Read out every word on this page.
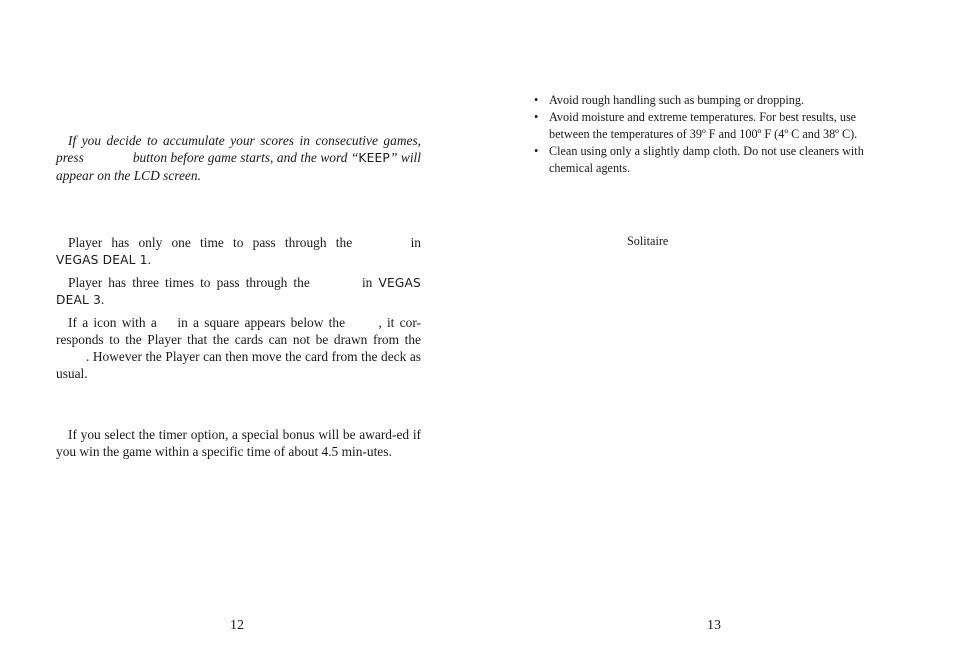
If you decide to accumulate your scores in consecutive games, press	button before game starts, and the word “KEEP” will appear on the LCD screen.

Player has only one time to pass through the	in

VEGAS DEAL 1.

Player has three times to pass through the	in VEGAS

DEAL 3.

If a icon with a in a square appears below the , it cor-responds to the Player that the cards can not be drawn from the . However the Player can then move the card from the deck as usual.

If you select the timer option, a special bonus will be award-ed if you win the game within a specific time of about 4.5 min-utes.

12
• Avoid rough handling such as bumping or dropping.
• Avoid moisture and extreme temperatures. For best results, use between the temperatures of 39º F and 100º F (4º C and 38º C).
• Clean using only a slightly damp cloth. Do not use cleaners with chemical agents.
Solitaire
13
